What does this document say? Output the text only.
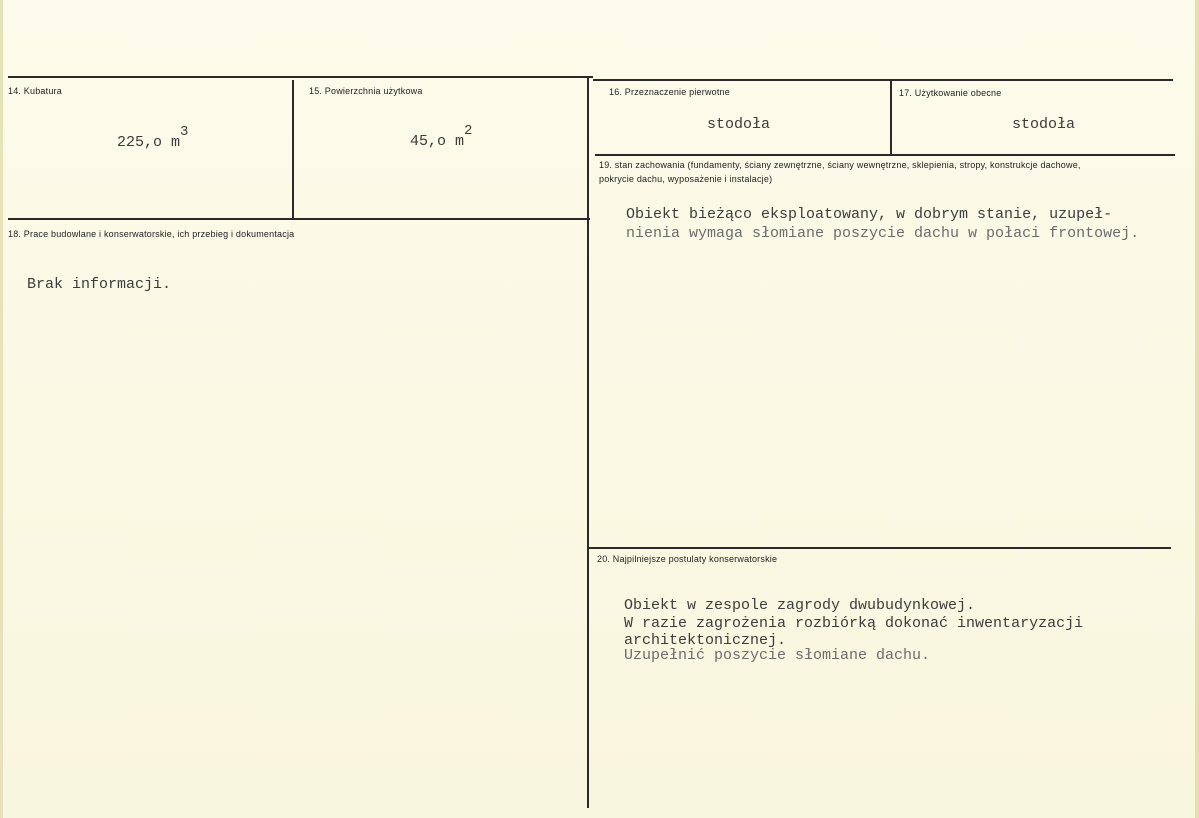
14. Kubatura
225,o m3
15. Powierzchnia użytkowa
45,o m2
16. Przeznaczenie pierwotne
stodoła
17. Użytkowanie obecne
stodoła
18. Prace budowlane i konserwatorskie, ich przebieg i dokumentacja
Brak informacji.
19. stan zachowania (fundamenty, ściany zewnętrzne, ściany wewnętrzne, sklepienia, stropy, konstrukcje dachowe, pokrycie dachu, wyposażenie i instalacje)
Obiekt bieżąco eksploatowany, w dobrym stanie, uzupeł-
nienia wymaga słomiane poszycie dachu w połaci frontowej.
20. Najpilniejsze postulaty konserwatorskie
Obiekt w zespole zagrody dwubudynkowej.
W razie zagrożenia rozbiórką dokonać inwentaryzacji
architektonicznej.
Uzupełnić poszycie słomiane dachu.
